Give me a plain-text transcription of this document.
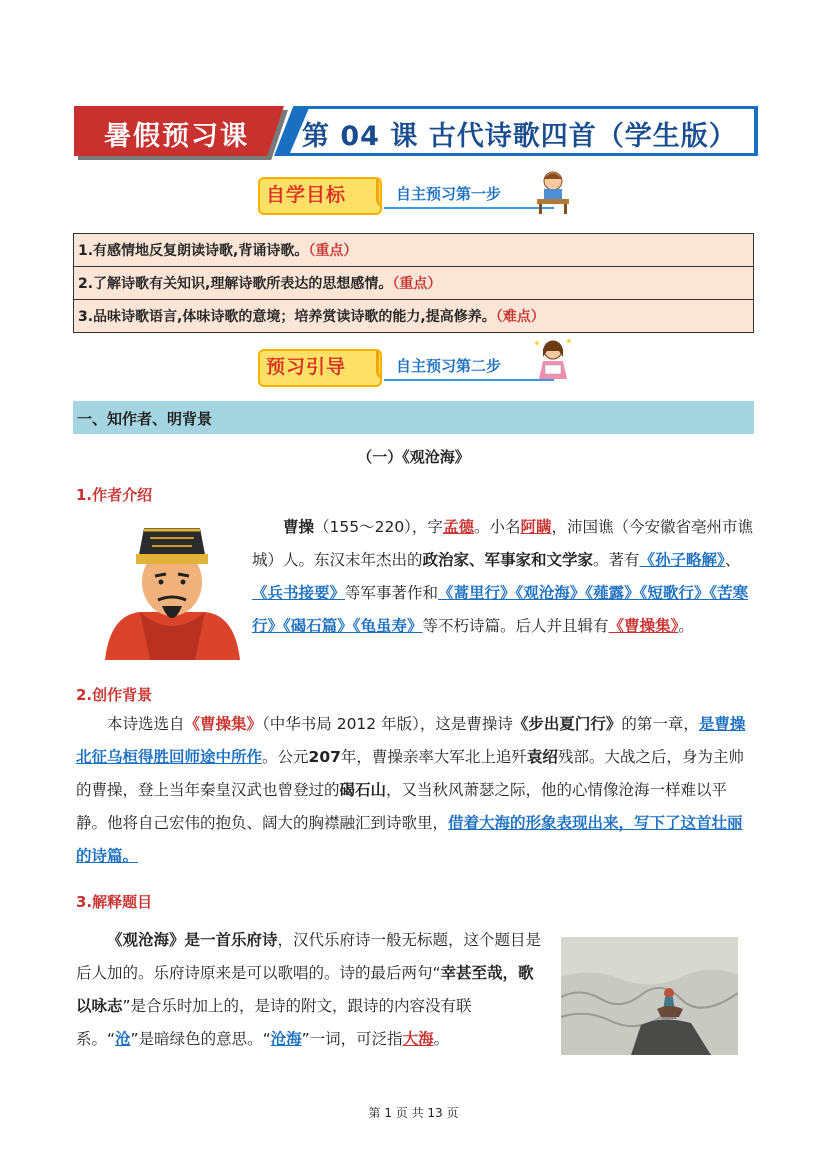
暑假预习课 第 04 课 古代诗歌四首（学生版）
自学目标	自主预习第一步
1.有感情地反复朗读诗歌,背诵诗歌。（重点）
2.了解诗歌有关知识,理解诗歌所表达的思想感情。（重点）
3.品味诗歌语言,体味诗歌的意境；培养赏读诗歌的能力,提高修养。（难点）
预习引导	自主预习第二步
一、知作者、明背景
（一）《观沧海》
1.作者介绍
曹操（155～220），字孟德。小名阿瞒，沛国谯（今安徽省亳州市谯城）人。东汉末年杰出的政治家、军事家和文学家。著有《孙子略解》、《兵书接要》等军事著作和《蒿里行》《观沧海》《薤露》《短歌行》《苦寒行》《碣石篇》《龟虽寿》等不朽诗篇。后人并且辑有《曹操集》。
2.创作背景
本诗选选自《曹操集》（中华书局 2012 年版），这是曹操诗《步出夏门行》的第一章，是曹操北征乌桓得胜回师途中所作。公元207年，曹操亲率大军北上追歼袁绍残部。大战之后，身为主帅的曹操，登上当年秦皇汉武也曾登过的碣石山，又当秋风萧瑟之际，他的心情像沧海一样难以平静。他将自己宏伟的抱负、阔大的胸襟融汇到诗歌里，借着大海的形象表现出来，写下了这首壮丽的诗篇。
3.解释题目
《观沧海》是一首乐府诗，汉代乐府诗一般无标题，这个题目是后人加的。乐府诗原来是可以歌唱的。诗的最后两句“幸甚至哉，歌以咏志”是合乐时加上的，是诗的附文，跟诗的内容没有联系。“沧”是暗绿色的意思。“沧海”一词，可泛指大海。
第 1 页 共 13 页
